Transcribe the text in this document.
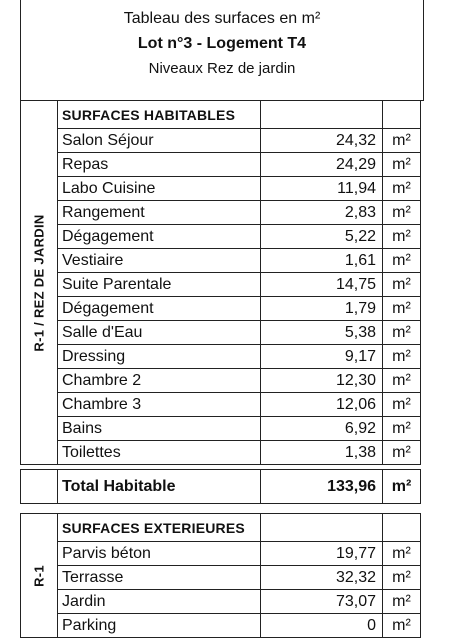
Tableau des surfaces en m²
Lot n°3 - Logement T4
Niveaux Rez de jardin
R-1 / REZ DE JARDIN	SURFACES HABITABLES		
	Salon Séjour	24,32	m²
	Repas	24,29	m²
	Labo Cuisine	11,94	m²
	Rangement	2,83	m²
	Dégagement	5,22	m²
	Vestiaire	1,61	m²
	Suite Parentale	14,75	m²
	Dégagement	1,79	m²
	Salle d'Eau	5,38	m²
	Dressing	9,17	m²
	Chambre 2	12,30	m²
	Chambre 3	12,06	m²
	Bains	6,92	m²
	Toilettes	1,38	m²
	Total Habitable	133,96	m²
R-1	SURFACES EXTERIEURES		
	Parvis béton	19,77	m²
	Terrasse	32,32	m²
	Jardin	73,07	m²
	Parking	0	m²
